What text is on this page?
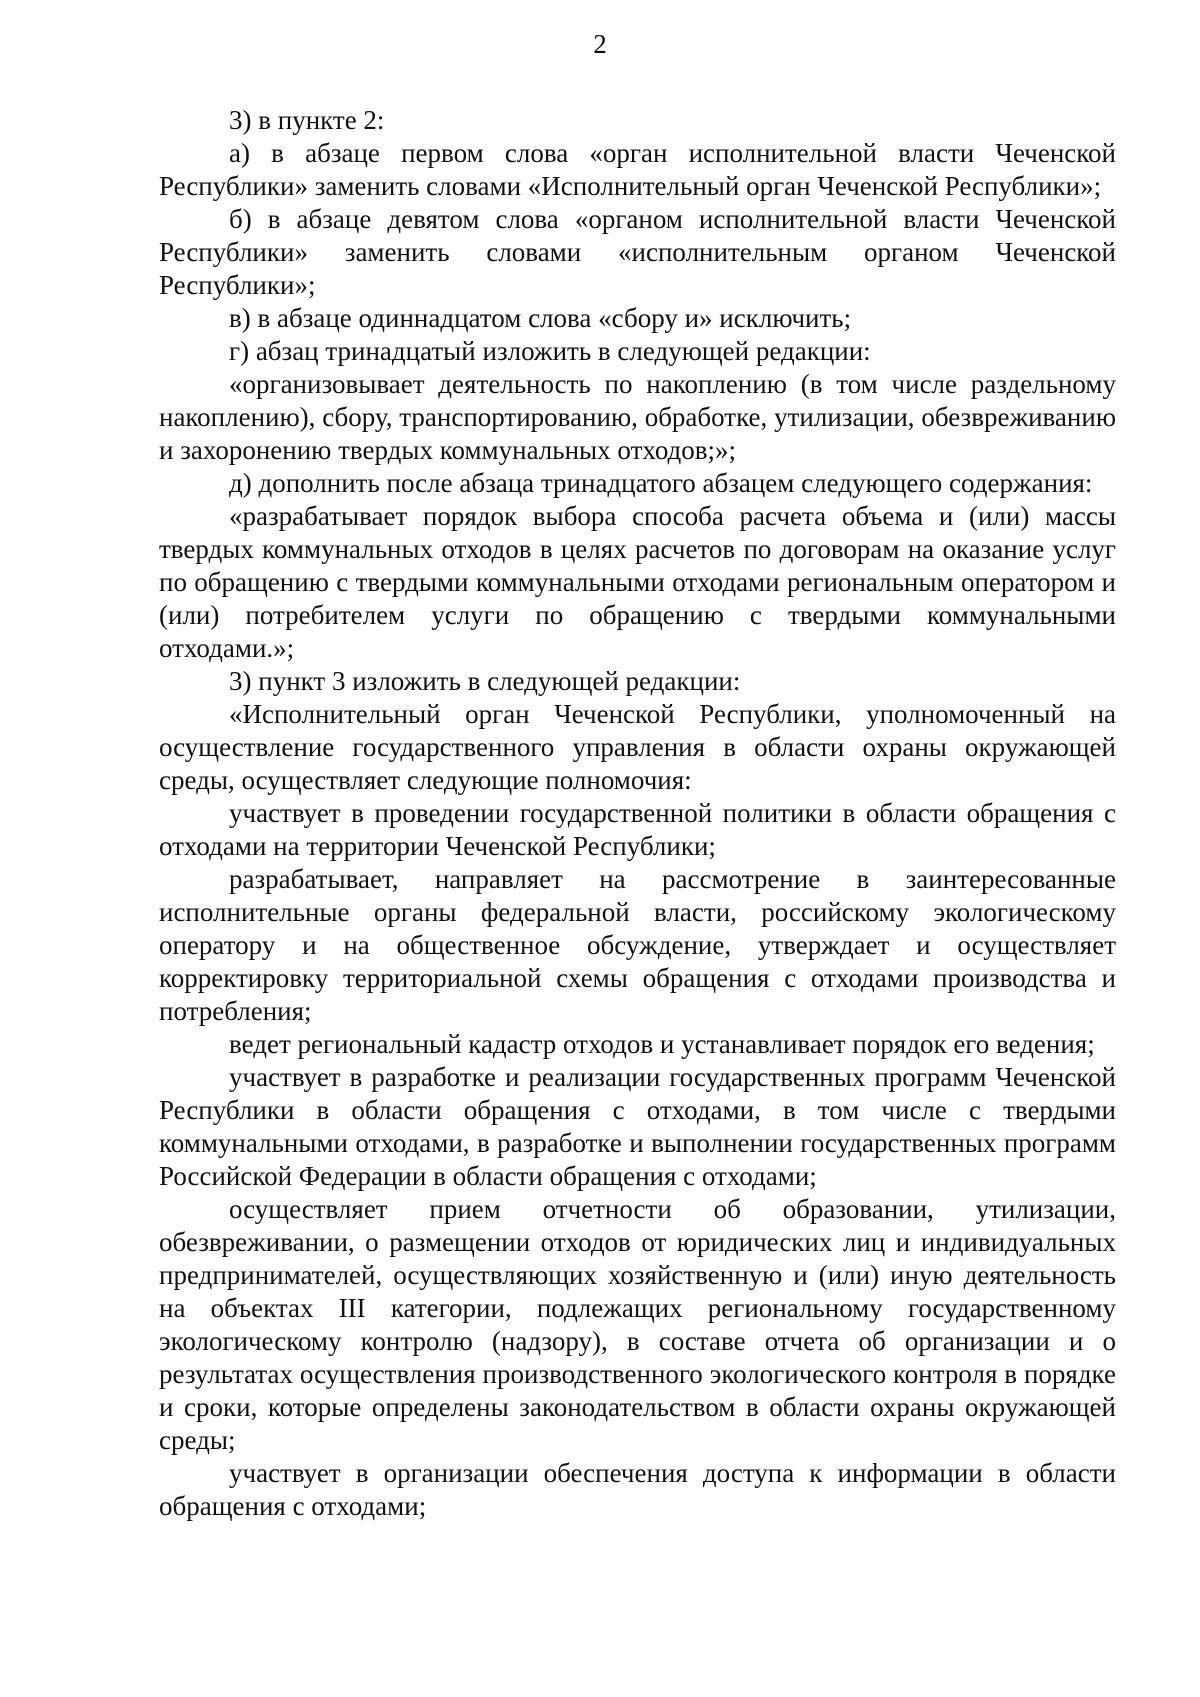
2

3) в пункте 2:

а) в абзаце первом слова «орган исполнительной власти Чеченской Республики» заменить словами «Исполнительный орган Чеченской Республики»;

б) в абзаце девятом слова «органом исполнительной власти Чеченской Республики» заменить словами «исполнительным органом Чеченской Республики»;

в) в абзаце одиннадцатом слова «сбору и» исключить;

г) абзац тринадцатый изложить в следующей редакции:

«организовывает деятельность по накоплению (в том числе раздельному накоплению), сбору, транспортированию, обработке, утилизации, обезвреживанию и захоронению твердых коммунальных отходов;»;

д) дополнить после абзаца тринадцатого абзацем следующего содержания:

«разрабатывает порядок выбора способа расчета объема и (или) массы твердых коммунальных отходов в целях расчетов по договорам на оказание услуг по обращению с твердыми коммунальными отходами региональным оператором и (или) потребителем услуги по обращению с твердыми коммунальными отходами.»;

3) пункт 3 изложить в следующей редакции:

«Исполнительный орган Чеченской Республики, уполномоченный на осуществление государственного управления в области охраны окружающей среды, осуществляет следующие полномочия:

участвует в проведении государственной политики в области обращения с отходами на территории Чеченской Республики;

разрабатывает, направляет на рассмотрение в заинтересованные исполнительные органы федеральной власти, российскому экологическому оператору и на общественное обсуждение, утверждает и осуществляет корректировку территориальной схемы обращения с отходами производства и потребления;

ведет региональный кадастр отходов и устанавливает порядок его ведения;

участвует в разработке и реализации государственных программ Чеченской Республики в области обращения с отходами, в том числе с твердыми коммунальными отходами, в разработке и выполнении государственных программ Российской Федерации в области обращения с отходами;

осуществляет прием отчетности об образовании, утилизации, обезвреживании, о размещении отходов от юридических лиц и индивидуальных предпринимателей, осуществляющих хозяйственную и (или) иную деятельность на объектах III категории, подлежащих региональному государственному экологическому контролю (надзору), в составе отчета об организации и о результатах осуществления производственного экологического контроля в порядке и сроки, которые определены законодательством в области охраны окружающей среды;

участвует в организации обеспечения доступа к информации в области обращения с отходами;
